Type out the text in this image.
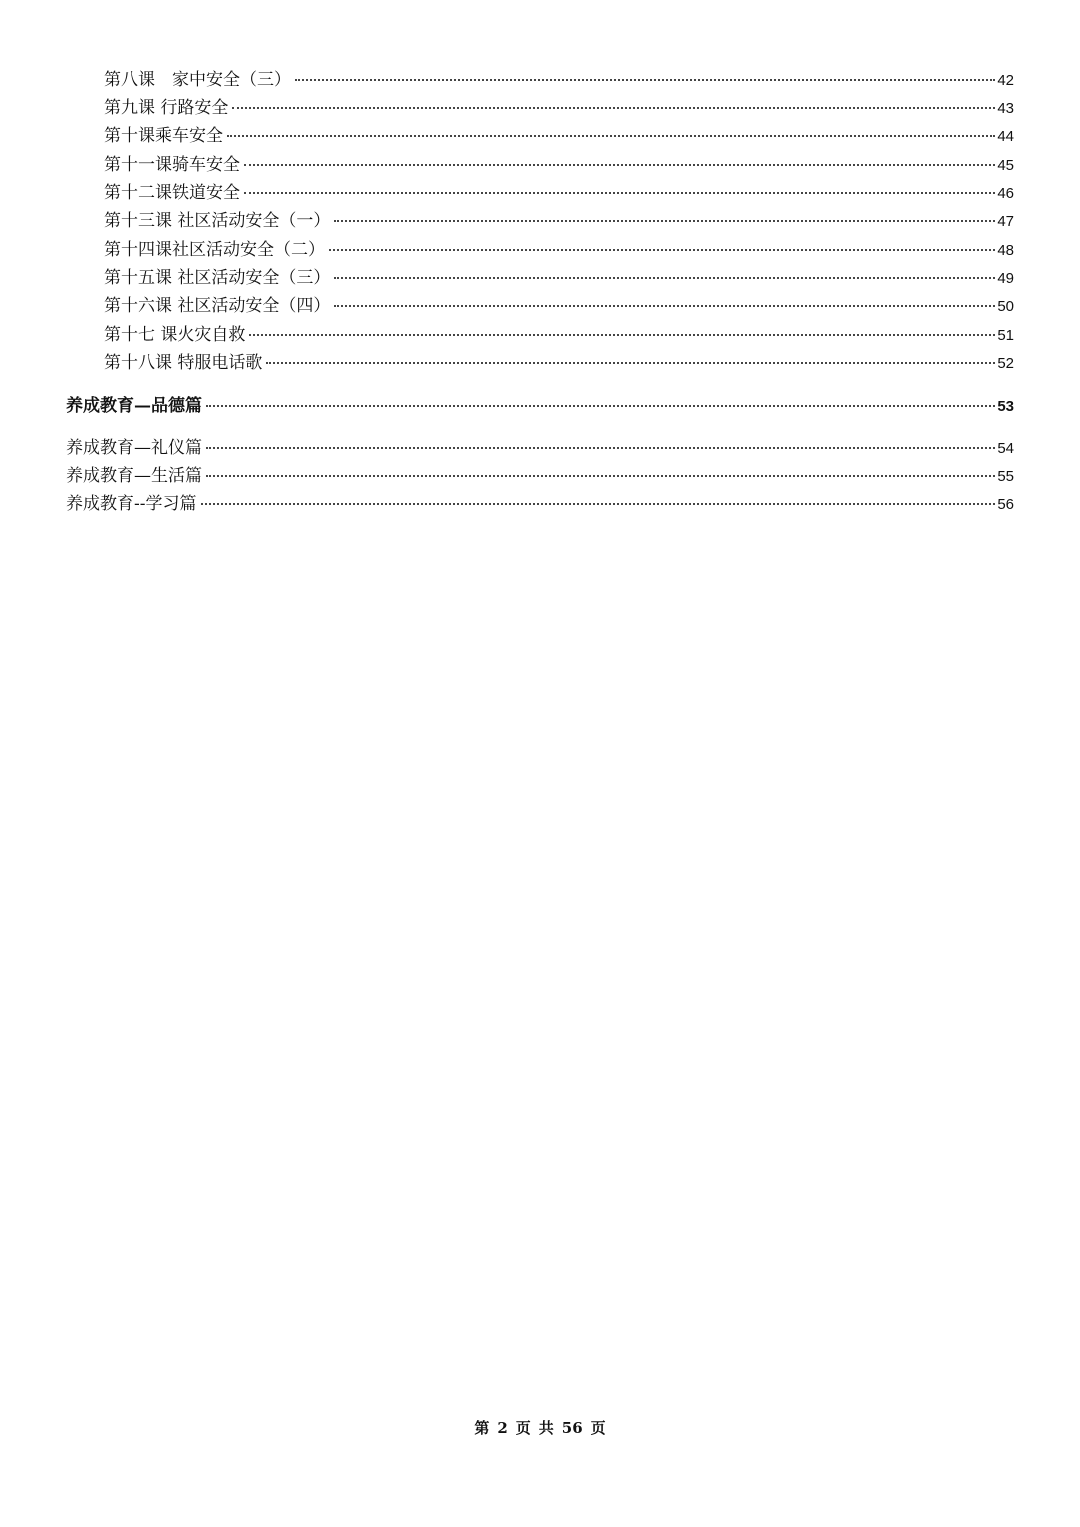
第八课　家中安全（三）	42
第九课 行路安全	43
第十课乘车安全	44
第十一课骑车安全	45
第十二课铁道安全	46
第十三课 社区活动安全（一）	47
第十四课社区活动安全（二）	48
第十五课 社区活动安全（三）	49
第十六课 社区活动安全（四）	50
第十七 课火灾自救	51
第十八课 特服电话歌	52
养成教育—品德篇	53
养成教育—礼仪篇	54
养成教育—生活篇	55
养成教育--学习篇	56
第 2 页 共 56 页
